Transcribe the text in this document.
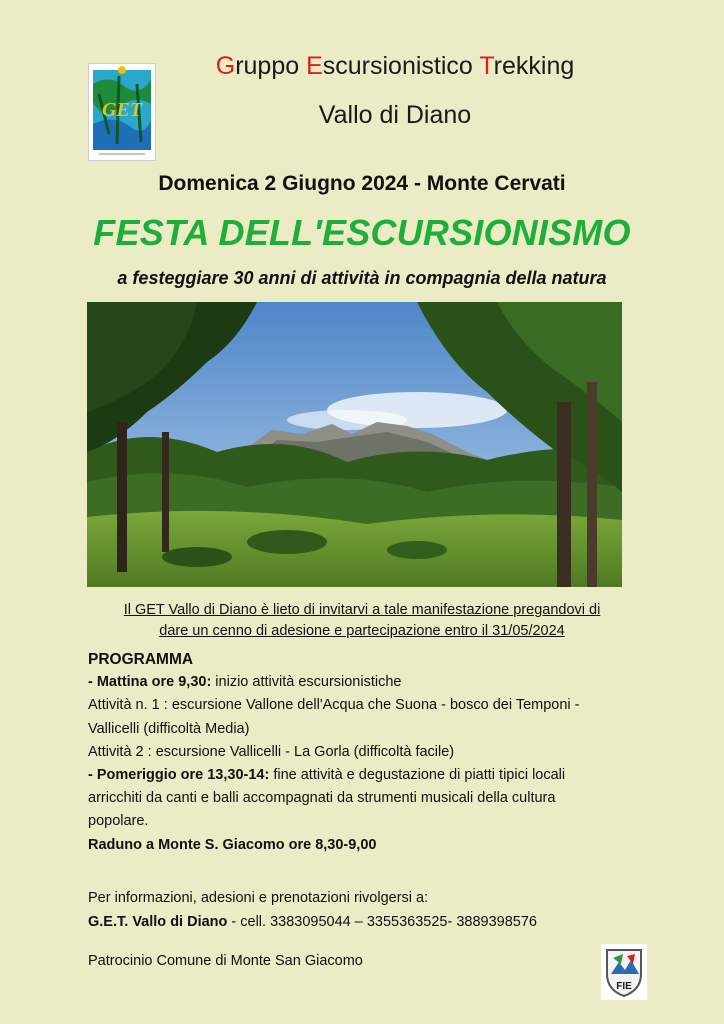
GET
Gruppo Escursionistico Trekking
Vallo di Diano
Domenica 2 Giugno 2024 - Monte Cervati
FESTA DELL'ESCURSIONISMO
a festeggiare 30 anni di attività in compagnia della natura
Il GET Vallo di Diano è lieto di invitarvi a tale manifestazione pregandovi di
dare un cenno di adesione e partecipazione entro il 31/05/2024

PROGRAMMA

- Mattina ore 9,30: inizio attività escursionistiche

Attività n. 1 : escursione Vallone dell'Acqua che Suona - bosco dei Temponi -

Vallicelli (difficoltà Media)

Attività 2 : escursione Vallicelli - La Gorla (difficoltà facile)

- Pomeriggio ore 13,30-14: fine attività e degustazione di piatti tipici locali

arricchiti da canti e balli accompagnati da strumenti musicali della cultura

popolare.

Raduno a Monte S. Giacomo ore 8,30-9,00

Per informazioni, adesioni e prenotazioni rivolgersi a:

G.E.T. Vallo di Diano - cell. 3383095044 – 3355363525- 3889398576

Patrocinio Comune di Monte San Giacomo
FIE
